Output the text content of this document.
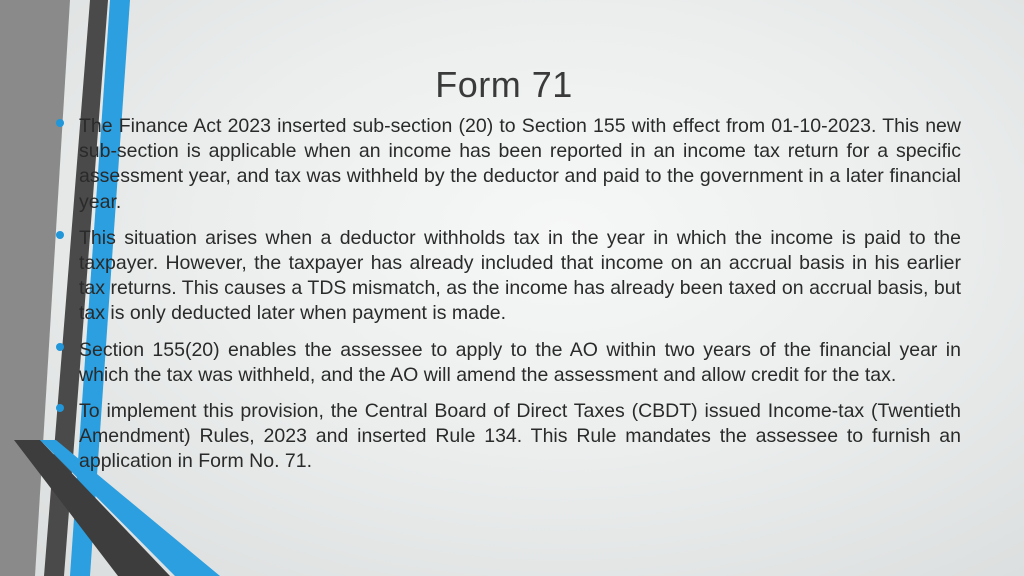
Form 71
The Finance Act 2023 inserted sub-section (20) to Section 155 with effect from 01-10-2023. This new sub-section is applicable when an income has been reported in an income tax return for a specific assessment year, and tax was withheld by the deductor and paid to the government in a later financial year.
This situation arises when a deductor withholds tax in the year in which the income is paid to the taxpayer. However, the taxpayer has already included that income on an accrual basis in his earlier tax returns. This causes a TDS mismatch, as the income has already been taxed on accrual basis, but tax is only deducted later when payment is made.
Section 155(20) enables the assessee to apply to the AO within two years of the financial year in which the tax was withheld, and the AO will amend the assessment and allow credit for the tax.
To implement this provision, the Central Board of Direct Taxes (CBDT) issued Income-tax (Twentieth Amendment) Rules, 2023 and inserted Rule 134. This Rule mandates the assessee to furnish an application in Form No. 71.
